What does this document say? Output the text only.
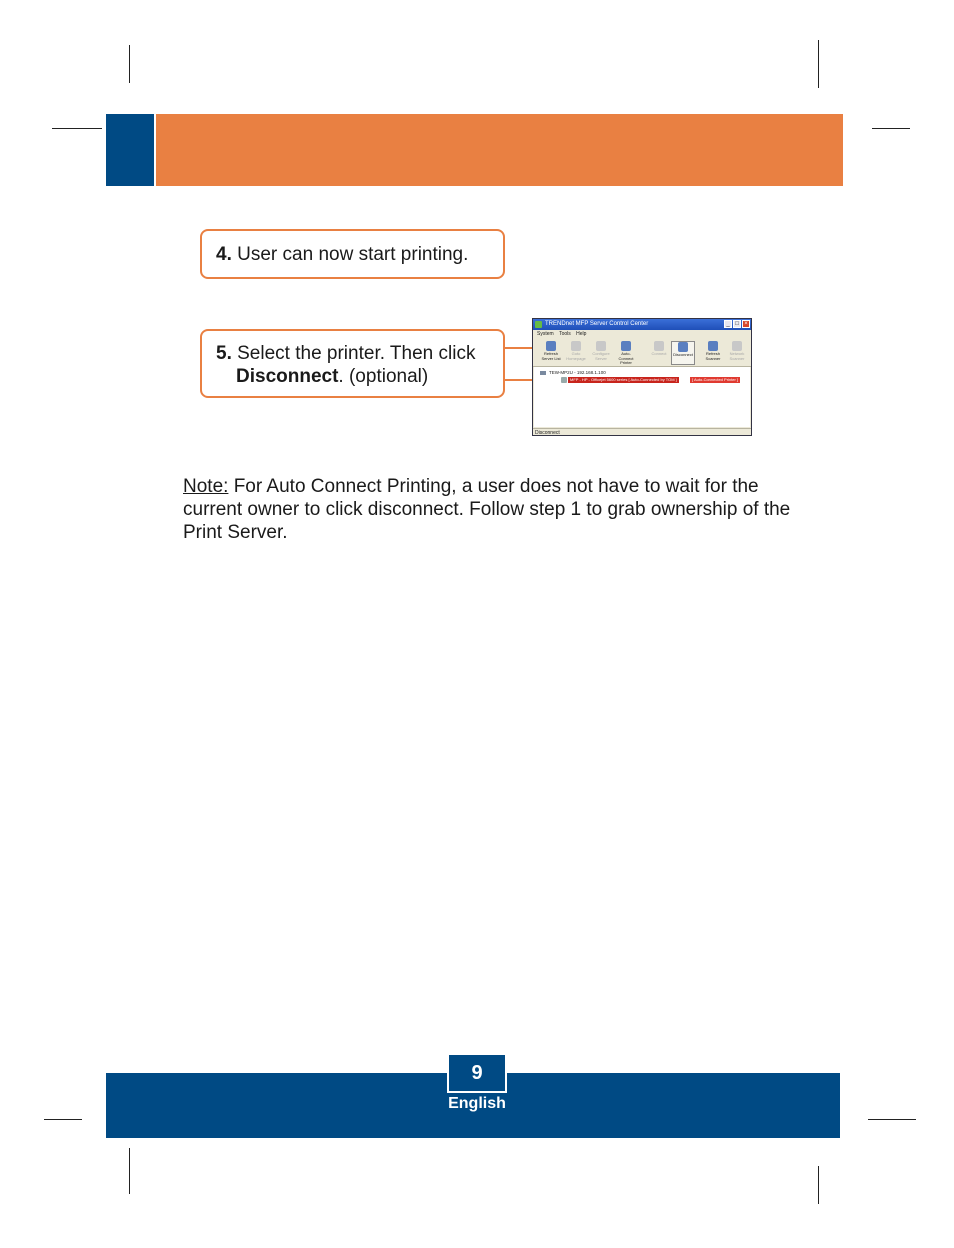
4. User can now start printing.
5. Select the printer. Then click
Disconnect. (optional)
TRENDnet MFP Server Control Center	_ □ ×
System Tools Help
Refresh Server List
Goto Homepage
Configure Server
Auto-Connect Printer
Connect	Disconnect	Refresh Scanner
Network Scanner
TEW-MP2U - 192.168.1.100
MFP - HP - Officejet 5600 series [ Auto-Connected by TOM ]	[ Auto-Connected Printer ]
Disconnect
Note: For Auto Connect Printing, a user does not have to wait for the current owner to click disconnect. Follow step 1 to grab ownership of the Print Server.
9
English
